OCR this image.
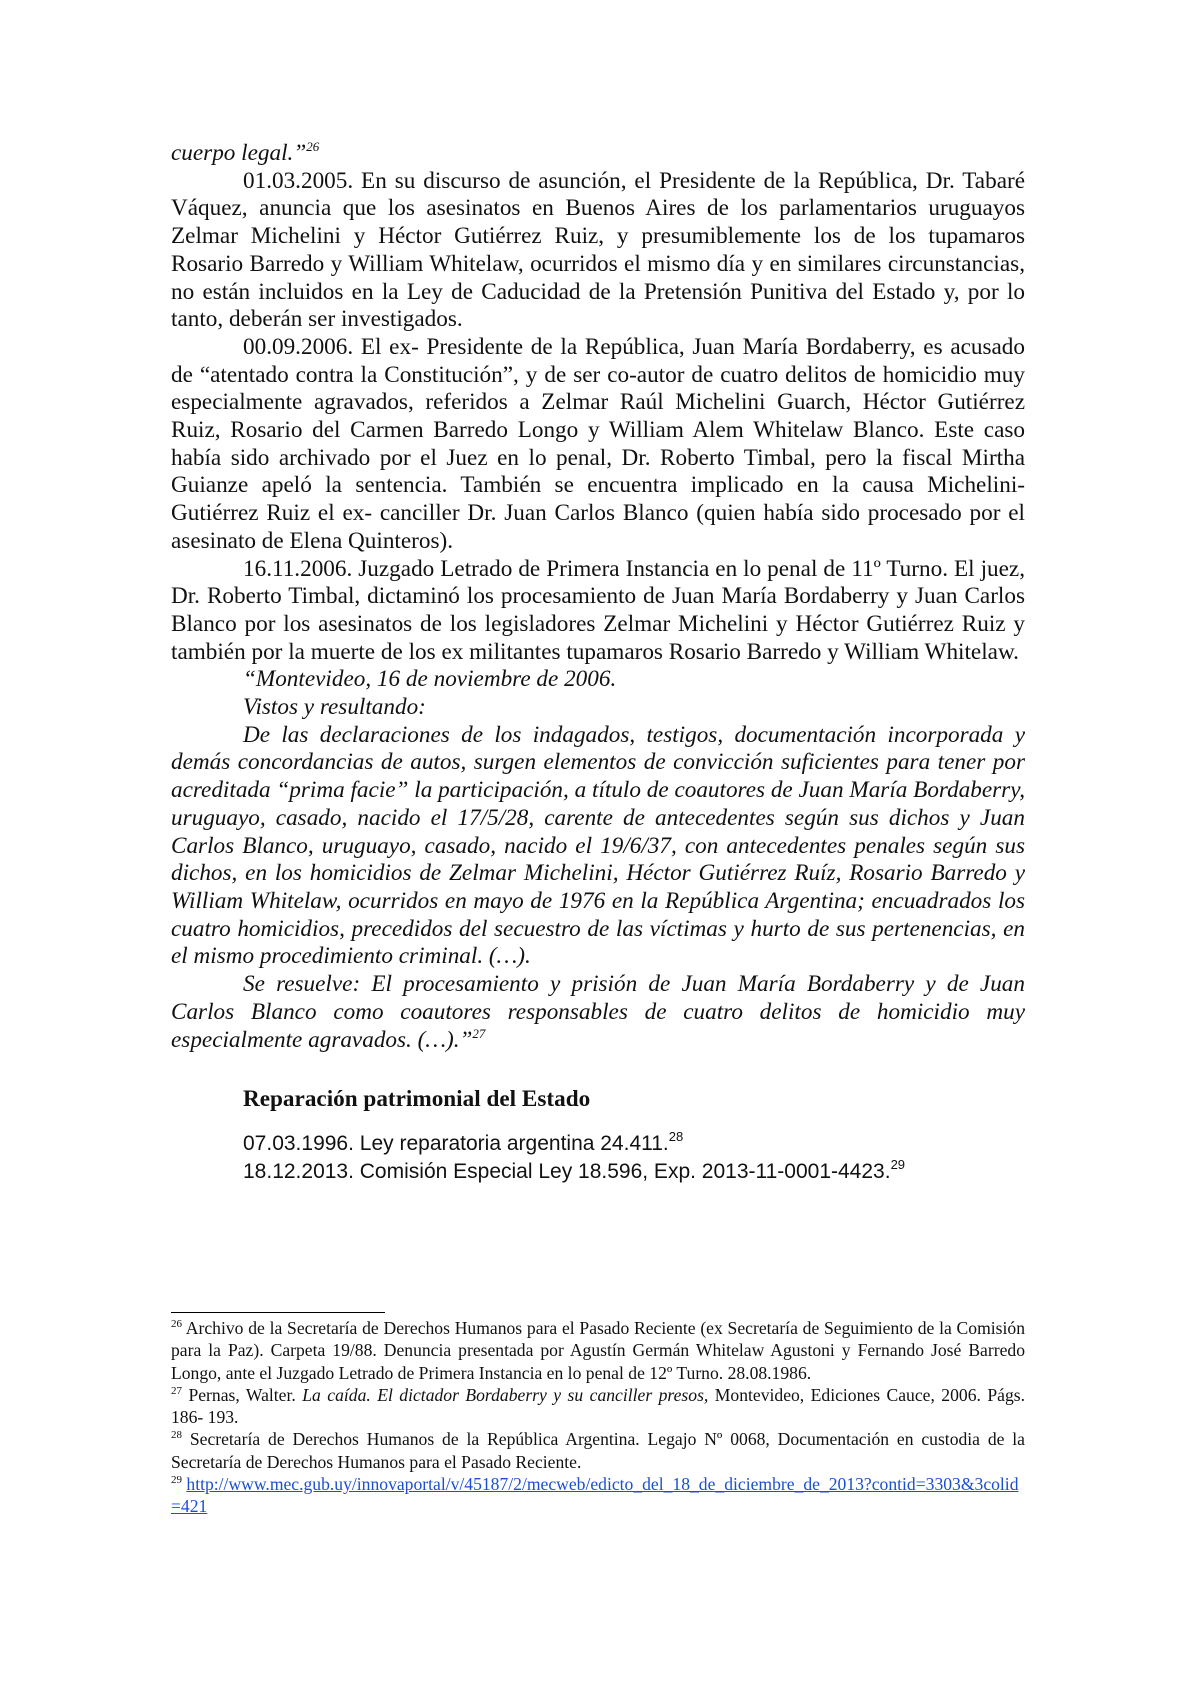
cuerpo legal.”$^{26}$

01.03.2005. En su discurso de asunción, el Presidente de la República, Dr. Tabaré Váquez, anuncia que los asesinatos en Buenos Aires de los parlamentarios uruguayos Zelmar Michelini y Héctor Gutiérrez Ruiz, y presumiblemente los de los tupamaros Rosario Barredo y William Whitelaw, ocurridos el mismo día y en similares circunstancias, no están incluidos en la Ley de Caducidad de la Pretensión Punitiva del Estado y, por lo tanto, deberán ser investigados.

00.09.2006. El ex- Presidente de la República, Juan María Bordaberry, es acusado de “atentado contra la Constitución”, y de ser co-autor de cuatro delitos de homicidio muy especialmente agravados, referidos a Zelmar Raúl Michelini Guarch, Héctor Gutiérrez Ruiz, Rosario del Carmen Barredo Longo y William Alem Whitelaw Blanco. Este caso había sido archivado por el Juez en lo penal, Dr. Roberto Timbal, pero la fiscal Mirtha Guianze apeló la sentencia. También se encuentra implicado en la causa Michelini-Gutiérrez Ruiz el ex- canciller Dr. Juan Carlos Blanco (quien había sido procesado por el asesinato de Elena Quinteros).

16.11.2006. Juzgado Letrado de Primera Instancia en lo penal de 11º Turno. El juez, Dr. Roberto Timbal, dictaminó los procesamiento de Juan María Bordaberry y Juan Carlos Blanco por los asesinatos de los legisladores Zelmar Michelini y Héctor Gutiérrez Ruiz y también por la muerte de los ex militantes tupamaros Rosario Barredo y William Whitelaw.

“Montevideo, 16 de noviembre de 2006.

Vistos y resultando:

De las declaraciones de los indagados, testigos, documentación incorporada y demás concordancias de autos, surgen elementos de convicción suficientes para tener por acreditada “prima facie” la participación, a título de coautores de Juan María Bordaberry, uruguayo, casado, nacido el 17/5/28, carente de antecedentes según sus dichos y Juan Carlos Blanco, uruguayo, casado, nacido el 19/6/37, con antecedentes penales según sus dichos, en los homicidios de Zelmar Michelini, Héctor Gutiérrez Ruíz, Rosario Barredo y William Whitelaw, ocurridos en mayo de 1976 en la República Argentina; encuadrados los cuatro homicidios, precedidos del secuestro de las víctimas y hurto de sus pertenencias, en el mismo procedimiento criminal. (…).

Se resuelve: El procesamiento y prisión de Juan María Bordaberry y de Juan Carlos Blanco como coautores responsables de cuatro delitos de homicidio muy especialmente agravados. (…).”$^{27}$

Reparación patrimonial del Estado

07.03.1996. Ley reparatoria argentina 24.411.28

18.12.2013. Comisión Especial Ley 18.596, Exp. 2013-11-0001-4423.29

$^{26}$ Archivo de la Secretaría de Derechos Humanos para el Pasado Reciente (ex Secretaría de Seguimiento de la Comisión para la Paz). Carpeta 19/88. Denuncia presentada por Agustín Germán Whitelaw Agustoni y Fernando José Barredo Longo, ante el Juzgado Letrado de Primera Instancia en lo penal de 12º Turno. 28.08.1986.

$^{27}$ Pernas, Walter. La caída. El dictador Bordaberry y su canciller presos, Montevideo, Ediciones Cauce, 2006. Págs. 186- 193.

$^{28}$ Secretaría de Derechos Humanos de la República Argentina. Legajo Nº 0068, Documentación en custodia de la Secretaría de Derechos Humanos para el Pasado Reciente.

$^{29}$ http://www.mec.gub.uy/innovaportal/v/45187/2/mecweb/edicto_del_18_de_diciembre_de_2013?contid=3303&3colid=421
